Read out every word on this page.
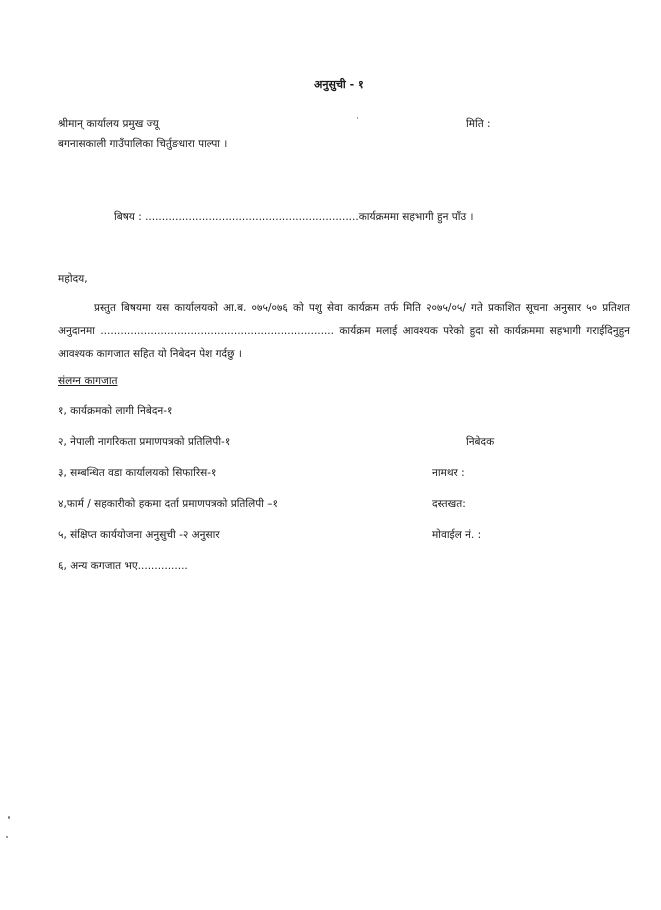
अनुसुची - १
श्रीमान् कार्यालय प्रमुख ज्यू
बगनासकाली गाउँपालिका चिर्तुङधारा पाल्पा ।
मिति :
बिषय : ................................................................कार्यक्रममा सहभागी हुन पाँउ ।
महोदय,
प्रस्तुत बिषयमा यस कार्यालयको आ.ब. ०७५/०७६ को पशु सेवा कार्यक्रम तर्फ मिति २०७५/०५/ गते प्रकाशित सूचना अनुसार ५० प्रतिशत अनुदानमा ...................................................................... कार्यक्रम मलाई आवश्यक परेको हुदा सो कार्यक्रममा सहभागी गराईदिनुहुन आवश्यक कागजात सहित यो निबेदन पेश गर्दछु ।
संलग्न कागजात
१, कार्यक्रमको लागी निबेदन-१
२, नेपाली नागरिकता प्रमाणपत्रको प्रतिलिपी-१
३, सम्बन्धित वडा कार्यालयको सिफारिस-१
४,फार्म / सहकारीको हकमा दर्ता प्रमाणपत्रको प्रतिलिपी –१
५, संक्षिप्त कार्ययोजना अनुसुची -२ अनुसार
६, अन्य कगजात भए...............
निबेदक
नामथर :
दस्तखत:
मोवाईल नं. :
